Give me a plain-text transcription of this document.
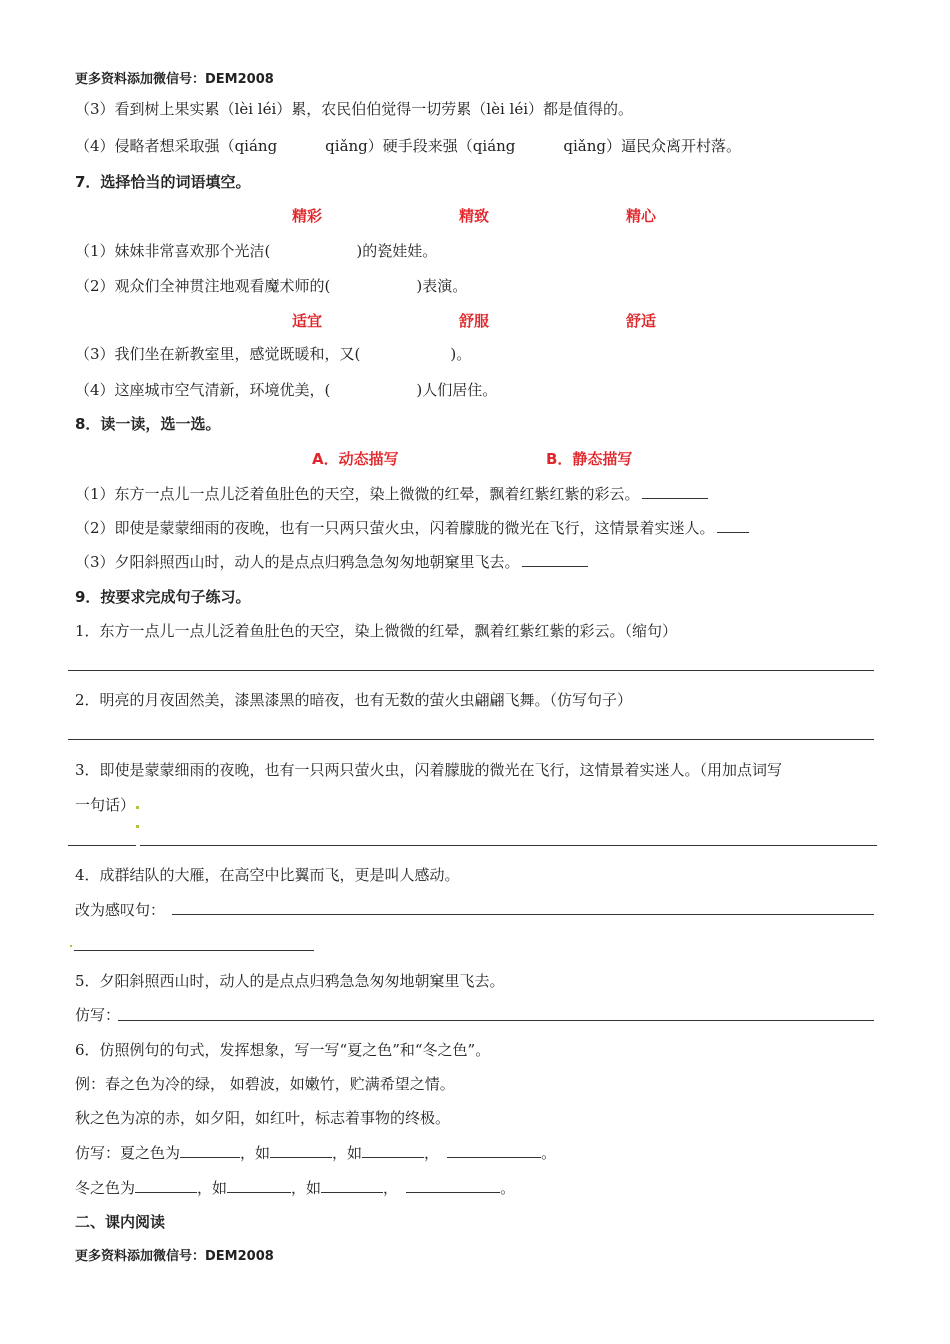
更多资料添加微信号：DEM2008
（3）看到树上果实累（lèi léi）累，农民伯伯觉得一切劳累（lèi léi）都是值得的。
（4）侵略者想采取强（qiáng	qiǎng）硬手段来强（qiáng	qiǎng）逼民众离开村落。
7．选择恰当的词语填空。
精彩	精致	精心
（1）妹妹非常喜欢那个光洁(	)的瓷娃娃。
（2）观众们全神贯注地观看魔术师的(	)表演。
适宜	舒服	舒适
（3）我们坐在新教室里，感觉既暖和，又(	)。
（4）这座城市空气清新，环境优美，(	)人们居住。
8．读一读，选一选。
A．动态描写	B．静态描写
（1）东方一点儿一点儿泛着鱼肚色的天空，染上微微的红晕，飘着红紫红紫的彩云。
（2）即使是蒙蒙细雨的夜晚，也有一只两只萤火虫，闪着朦胧的微光在飞行，这情景着实迷人。
（3）夕阳斜照西山时，动人的是点点归鸦急急匆匆地朝窠里飞去。
9．按要求完成句子练习。
1．东方一点儿一点儿泛着鱼肚色的天空，染上微微的红晕，飘着红紫红紫的彩云。（缩句）
2．明亮的月夜固然美，漆黑漆黑的暗夜，也有无数的萤火虫翩翩飞舞。（仿写句子）
3．即使是蒙蒙细雨的夜晚，也有一只两只萤火虫，闪着朦胧的微光在飞行，这情景着实迷人。（用加点词写
一句话）
4．成群结队的大雁，在高空中比翼而飞，更是叫人感动。
改为感叹句：
5．夕阳斜照西山时，动人的是点点归鸦急急匆匆地朝窠里飞去。
仿写：
6．仿照例句的句式，发挥想象，写一写“夏之色”和“冬之色”。
例：春之色为冷的绿， 如碧波，如嫩竹，贮满希望之情。
秋之色为凉的赤，如夕阳，如红叶，标志着事物的终极。
仿写：夏之色为	，如	，如	，	。
冬之色为	，如	，如	，	。
二、课内阅读
更多资料添加微信号：DEM2008
